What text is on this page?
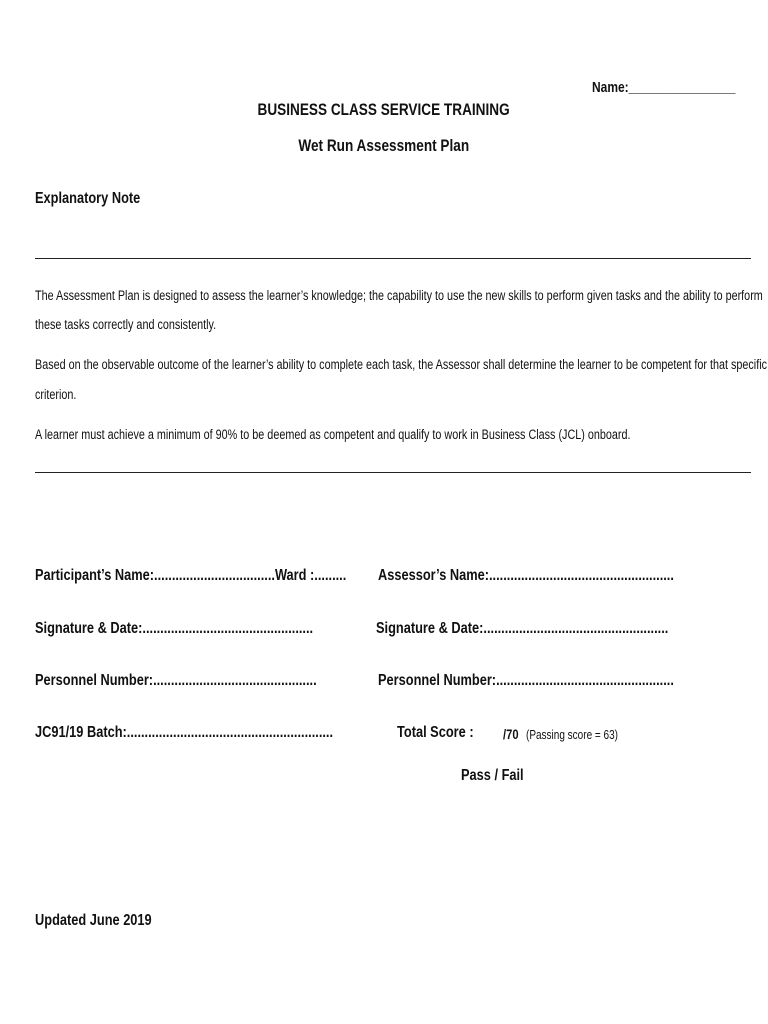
Name:________________
BUSINESS CLASS SERVICE TRAINING
Wet Run Assessment Plan
Explanatory Note
The Assessment Plan is designed to assess the learner’s knowledge; the capability to use the new skills to perform given tasks and the ability to perform
these tasks correctly and consistently.
Based on the observable outcome of the learner’s ability to complete each task, the Assessor shall determine the learner to be competent for that specific
criterion.
A learner must achieve a minimum of 90% to be deemed as competent and qualify to work in Business Class (JCL) onboard.
Participant’s Name:..................................Ward :.........	Assessor’s Name:....................................................
Signature & Date:................................................	Signature & Date:....................................................
Personnel Number:..............................................	Personnel Number:..................................................
JC91/19 Batch:..........................................................	Total Score :	/70 (Passing score = 63)
Pass / Fail
Updated June 2019
